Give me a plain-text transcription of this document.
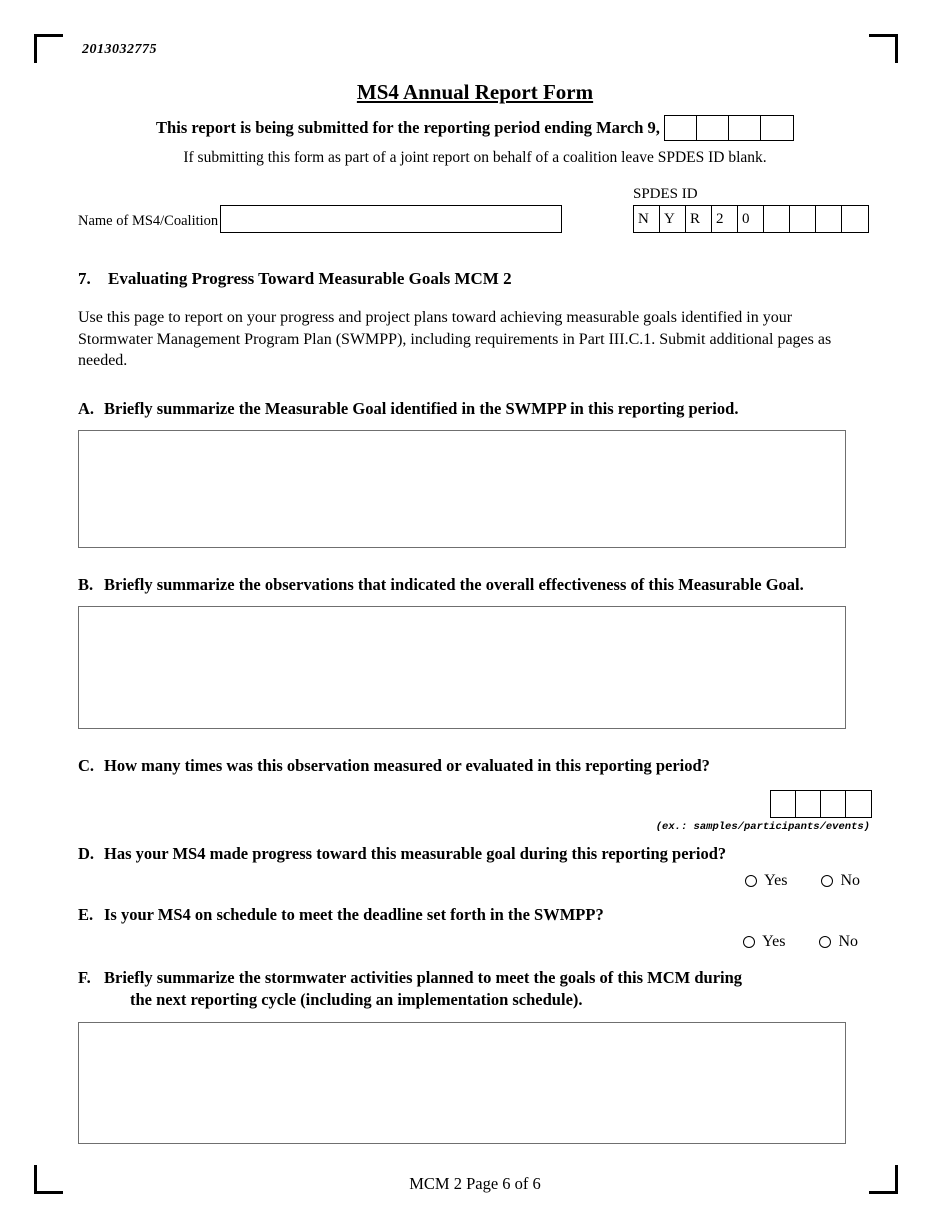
2013032775
MS4 Annual Report Form
This report is being submitted for the reporting period ending March 9,
If submitting this form as part of a joint report on behalf of a coalition leave SPDES ID blank.
Name of MS4/Coalition
SPDES ID
N	Y	R	2	0
7.	Evaluating Progress Toward Measurable Goals MCM 2

Use this page to report on your progress and project plans toward achieving measurable goals identified in your Stormwater Management Program Plan (SWMPP), including requirements in Part III.C.1. Submit additional pages as needed.

A. Briefly summarize the Measurable Goal identified in the SWMPP in this reporting period.
B. Briefly summarize the observations that indicated the overall effectiveness of this Measurable Goal.
C. How many times was this observation measured or evaluated in this reporting period?
(ex.: samples/participants/events)
D. Has your MS4 made progress toward this measurable goal during this reporting period?
Yes	No
E. Is your MS4 on schedule to meet the deadline set forth in the SWMPP?
Yes	No
F. Briefly summarize the stormwater activities planned to meet the goals of this MCM during
the next reporting cycle (including an implementation schedule).
MCM 2 Page 6 of 6
